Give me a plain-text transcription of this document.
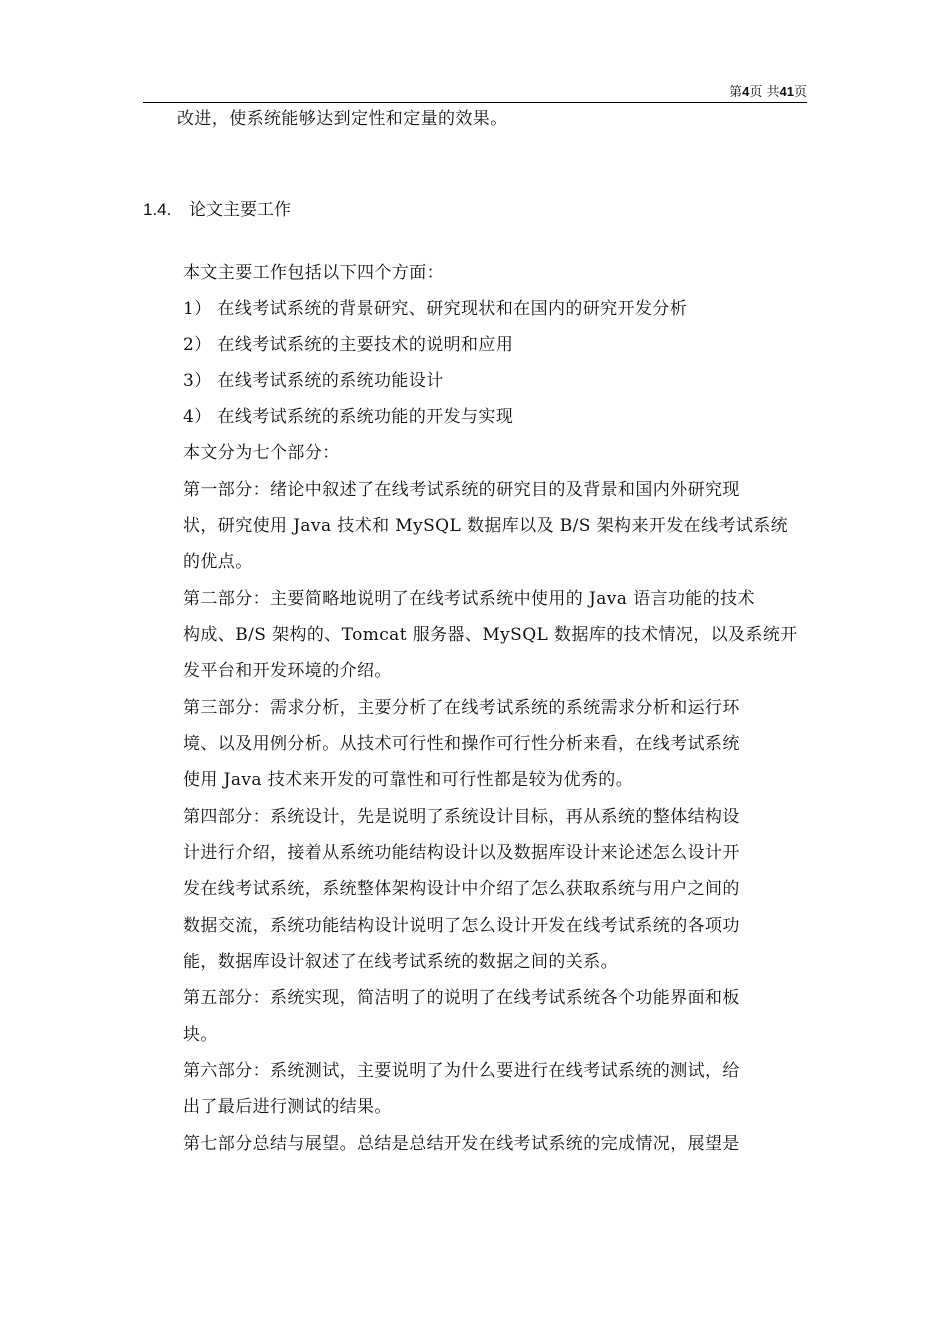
第4页 共41页
改进，使系统能够达到定性和定量的效果。
1.4. 论文主要工作
本文主要工作包括以下四个方面：
1） 在线考试系统的背景研究、研究现状和在国内的研究开发分析
2） 在线考试系统的主要技术的说明和应用
3） 在线考试系统的系统功能设计
4） 在线考试系统的系统功能的开发与实现
本文分为七个部分：
第一部分：绪论中叙述了在线考试系统的研究目的及背景和国内外研究现
状，研究使用 Java 技术和 MySQL 数据库以及 B/S 架构来开发在线考试系统
的优点。
第二部分：主要简略地说明了在线考试系统中使用的 Java 语言功能的技术
构成、B/S 架构的、Tomcat 服务器、MySQL 数据库的技术情况，以及系统开
发平台和开发环境的介绍。
第三部分：需求分析，主要分析了在线考试系统的系统需求分析和运行环
境、以及用例分析。从技术可行性和操作可行性分析来看，在线考试系统
使用 Java 技术来开发的可靠性和可行性都是较为优秀的。
第四部分：系统设计，先是说明了系统设计目标，再从系统的整体结构设
计进行介绍，接着从系统功能结构设计以及数据库设计来论述怎么设计开
发在线考试系统，系统整体架构设计中介绍了怎么获取系统与用户之间的
数据交流，系统功能结构设计说明了怎么设计开发在线考试系统的各项功
能，数据库设计叙述了在线考试系统的数据之间的关系。
第五部分：系统实现，简洁明了的说明了在线考试系统各个功能界面和板
块。
第六部分：系统测试，主要说明了为什么要进行在线考试系统的测试，给
出了最后进行测试的结果。
第七部分总结与展望。总结是总结开发在线考试系统的完成情况，展望是
